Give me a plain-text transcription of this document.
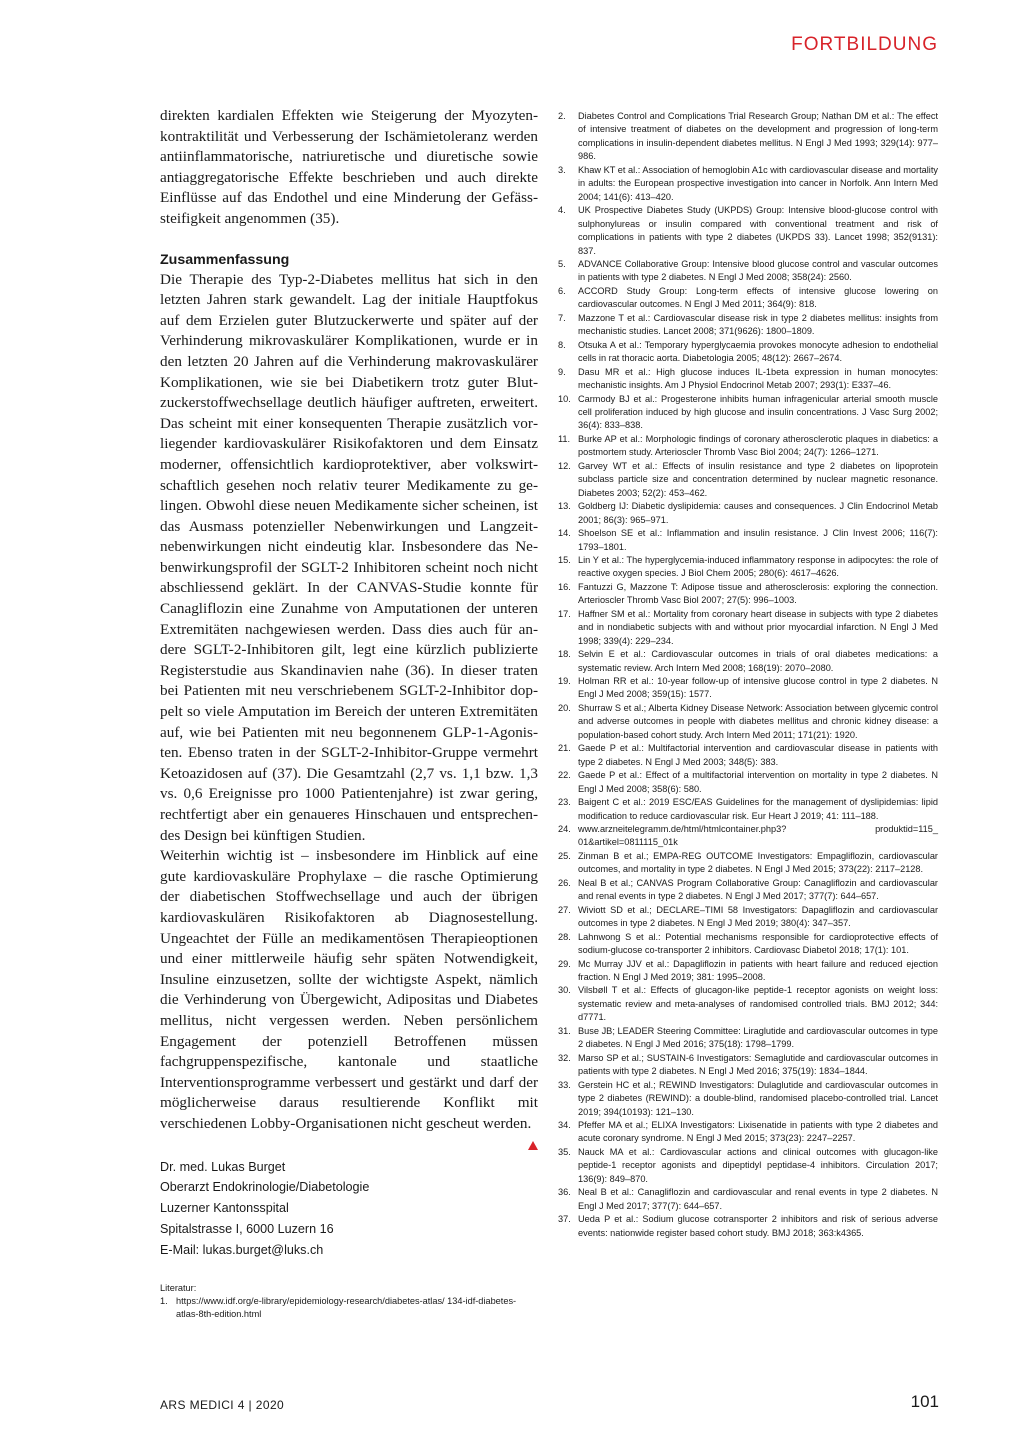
FORTBILDUNG

direkten kardialen Effekten wie Steigerung der Myozytenkontraktilität und Verbesserung der Ischämietoleranz werden antiinflammatorische, natriuretische und diuretische sowie antiaggregatorische Effekte beschrieben und auch direkte Einflüsse auf das Endothel und eine Minderung der Gefässsteifigkeit angenommen (35).

Zusammenfassung

Die Therapie des Typ-2-Diabetes mellitus hat sich in den letzten Jahren stark gewandelt. Lag der initiale Hauptfokus auf dem Erzielen guter Blutzuckerwerte und später auf der Verhinderung mikrovaskulärer Komplikationen, wurde er in den letzten 20 Jahren auf die Verhinderung makrovaskulärer Komplikationen, wie sie bei Diabetikern trotz guter Blutzuckerstoffwechsellage deutlich häufiger auftreten, erweitert. Das scheint mit einer konsequenten Therapie zusätzlich vorliegender kardiovaskulärer Risikofaktoren und dem Einsatz moderner, offensichtlich kardioprotektiver, aber volkswirtschaftlich gesehen noch relativ teurer Medikamente zu gelingen. Obwohl diese neuen Medikamente sicher scheinen, ist das Ausmass potenzieller Nebenwirkungen und Langzeitnebenwirkungen nicht eindeutig klar. Insbesondere das Nebenwirkungsprofil der SGLT-2 Inhibitoren scheint noch nicht abschliessend geklärt. In der CANVAS-Studie konnte für Canagliflozin eine Zunahme von Amputationen der unteren Extremitäten nachgewiesen werden. Dass dies auch für andere SGLT-2-Inhibitoren gilt, legt eine kürzlich publizierte Registerstudie aus Skandinavien nahe (36). In dieser traten bei Patienten mit neu verschriebenem SGLT-2-Inhibitor doppelt so viele Amputation im Bereich der unteren Extremitäten auf, wie bei Patienten mit neu begonnenem GLP-1-Agonisten. Ebenso traten in der SGLT-2-Inhibitor-Gruppe vermehrt Ketoazidosen auf (37). Die Gesamtzahl (2,7 vs. 1,1 bzw. 1,3 vs. 0,6 Ereignisse pro 1000 Patientenjahre) ist zwar gering, rechtfertigt aber ein genaueres Hinschauen und entsprechendes Design bei künftigen Studien.

Weiterhin wichtig ist – insbesondere im Hinblick auf eine gute kardiovaskuläre Prophylaxe – die rasche Optimierung der diabetischen Stoffwechsellage und auch der übrigen kardiovaskulären Risikofaktoren ab Diagnosestellung. Ungeachtet der Fülle an medikamentösen Therapieoptionen und einer mittlerweile häufig sehr späten Notwendigkeit, Insuline einzusetzen, sollte der wichtigste Aspekt, nämlich die Verhinderung von Übergewicht, Adipositas und Diabetes mellitus, nicht vergessen werden. Neben persönlichem Engagement der potenziell Betroffenen müssen fachgruppenspezifische, kantonale und staatliche Interventionsprogramme verbessert und gestärkt und darf der möglicherweise daraus resultierende Konflikt mit verschiedenen Lobby-Organisationen nicht gescheut werden.

Dr. med. Lukas Burget
Oberarzt Endokrinologie/Diabetologie
Luzerner Kantonsspital
Spitalstrasse I, 6000 Luzern 16
E-Mail: lukas.burget@luks.ch
Literatur:
1. https://www.idf.org/e-library/epidemiology-research/diabetes-atlas/ 134-idf-diabetes-atlas-8th-edition.html
2. Diabetes Control and Complications Trial Research Group; Nathan DM et al.: The effect of intensive treatment of diabetes on the development and progression of long-term complications in insulin-dependent diabetes mellitus. N Engl J Med 1993; 329(14): 977–986.
3. Khaw KT et al.: Association of hemoglobin A1c with cardiovascular disease and mortality in adults: the European prospective investigation into cancer in Norfolk. Ann Intern Med 2004; 141(6): 413–420.
4. UK Prospective Diabetes Study (UKPDS) Group: Intensive blood-glucose control with sulphonylureas or insulin compared with conventional treatment and risk of complications in patients with type 2 diabetes (UKPDS 33). Lancet 1998; 352(9131): 837.
5. ADVANCE Collaborative Group: Intensive blood glucose control and vascular outcomes in patients with type 2 diabetes. N Engl J Med 2008; 358(24): 2560.
6. ACCORD Study Group: Long-term effects of intensive glucose lowering on cardiovascular outcomes. N Engl J Med 2011; 364(9): 818.
7. Mazzone T et al.: Cardiovascular disease risk in type 2 diabetes mellitus: insights from mechanistic studies. Lancet 2008; 371(9626): 1800–1809.
8. Otsuka A et al.: Temporary hyperglycaemia provokes monocyte adhesion to endothelial cells in rat thoracic aorta. Diabetologia 2005; 48(12): 2667–2674.
9. Dasu MR et al.: High glucose induces IL-1beta expression in human monocytes: mechanistic insights. Am J Physiol Endocrinol Metab 2007; 293(1): E337–46.
10. Carmody BJ et al.: Progesterone inhibits human infragenicular arterial smooth muscle cell proliferation induced by high glucose and insulin concentrations. J Vasc Surg 2002; 36(4): 833–838.
11. Burke AP et al.: Morphologic findings of coronary atherosclerotic plaques in diabetics: a postmortem study. Arterioscler Thromb Vasc Biol 2004; 24(7): 1266–1271.
12. Garvey WT et al.: Effects of insulin resistance and type 2 diabetes on lipoprotein subclass particle size and concentration determined by nuclear magnetic resonance. Diabetes 2003; 52(2): 453–462.
13. Goldberg IJ: Diabetic dyslipidemia: causes and consequences. J Clin Endocrinol Metab 2001; 86(3): 965–971.
14. Shoelson SE et al.: Inflammation and insulin resistance. J Clin Invest 2006; 116(7): 1793–1801.
15. Lin Y et al.: The hyperglycemia-induced inflammatory response in adipocytes: the role of reactive oxygen species. J Biol Chem 2005; 280(6): 4617–4626.
16. Fantuzzi G, Mazzone T: Adipose tissue and atherosclerosis: exploring the connection. Arterioscler Thromb Vasc Biol 2007; 27(5): 996–1003.
17. Haffner SM et al.: Mortality from coronary heart disease in subjects with type 2 diabetes and in nondiabetic subjects with and without prior myocardial infarction. N Engl J Med 1998; 339(4): 229–234.
18. Selvin E et al.: Cardiovascular outcomes in trials of oral diabetes medications: a systematic review. Arch Intern Med 2008; 168(19): 2070–2080.
19. Holman RR et al.: 10-year follow-up of intensive glucose control in type 2 diabetes. N Engl J Med 2008; 359(15): 1577.
20. Shurraw S et al.; Alberta Kidney Disease Network: Association between glycemic control and adverse outcomes in people with diabetes mellitus and chronic kidney disease: a population-based cohort study. Arch Intern Med 2011; 171(21): 1920.
21. Gaede P et al.: Multifactorial intervention and cardiovascular disease in patients with type 2 diabetes. N Engl J Med 2003; 348(5): 383.
22. Gaede P et al.: Effect of a multifactorial intervention on mortality in type 2 diabetes. N Engl J Med 2008; 358(6): 580.
23. Baigent C et al.: 2019 ESC/EAS Guidelines for the management of dyslipidemias: lipid modification to reduce cardiovascular risk. Eur Heart J 2019; 41: 111–188.
24. www.arzneitelegramm.de/html/htmlcontainer.php3? produktid=115_ 01&artikel=0811115_01k
25. Zinman B et al.; EMPA-REG OUTCOME Investigators: Empagliflozin, cardiovascular outcomes, and mortality in type 2 diabetes. N Engl J Med 2015; 373(22): 2117–2128.
26. Neal B et al.; CANVAS Program Collaborative Group: Canagliflozin and cardiovascular and renal events in type 2 diabetes. N Engl J Med 2017; 377(7): 644–657.
27. Wiviott SD et al.; DECLARE–TIMI 58 Investigators: Dapagliflozin and cardiovascular outcomes in type 2 diabetes. N Engl J Med 2019; 380(4): 347–357.
28. Lahnwong S et al.: Potential mechanisms responsible for cardioprotective effects of sodium-glucose co-transporter 2 inhibitors. Cardiovasc Diabetol 2018; 17(1): 101.
29. Mc Murray JJV et al.: Dapagliflozin in patients with heart failure and reduced ejection fraction. N Engl J Med 2019; 381: 1995–2008.
30. Vilsbøll T et al.: Effects of glucagon-like peptide-1 receptor agonists on weight loss: systematic review and meta-analyses of randomised controlled trials. BMJ 2012; 344: d7771.
31. Buse JB; LEADER Steering Committee: Liraglutide and cardiovascular outcomes in type 2 diabetes. N Engl J Med 2016; 375(18): 1798–1799.
32. Marso SP et al.; SUSTAIN-6 Investigators: Semaglutide and cardiovascular outcomes in patients with type 2 diabetes. N Engl J Med 2016; 375(19): 1834–1844.
33. Gerstein HC et al.; REWIND Investigators: Dulaglutide and cardiovascular outcomes in type 2 diabetes (REWIND): a double-blind, randomised placebo-controlled trial. Lancet 2019; 394(10193): 121–130.
34. Pfeffer MA et al.; ELIXA Investigators: Lixisenatide in patients with type 2 diabetes and acute coronary syndrome. N Engl J Med 2015; 373(23): 2247–2257.
35. Nauck MA et al.: Cardiovascular actions and clinical outcomes with glucagon-like peptide-1 receptor agonists and dipeptidyl peptidase-4 inhibitors. Circulation 2017; 136(9): 849–870.
36. Neal B et al.: Canagliflozin and cardiovascular and renal events in type 2 diabetes. N Engl J Med 2017; 377(7): 644–657.
37. Ueda P et al.: Sodium glucose cotransporter 2 inhibitors and risk of serious adverse events: nationwide register based cohort study. BMJ 2018; 363:k4365.
ARS MEDICI 4 | 2020	101
